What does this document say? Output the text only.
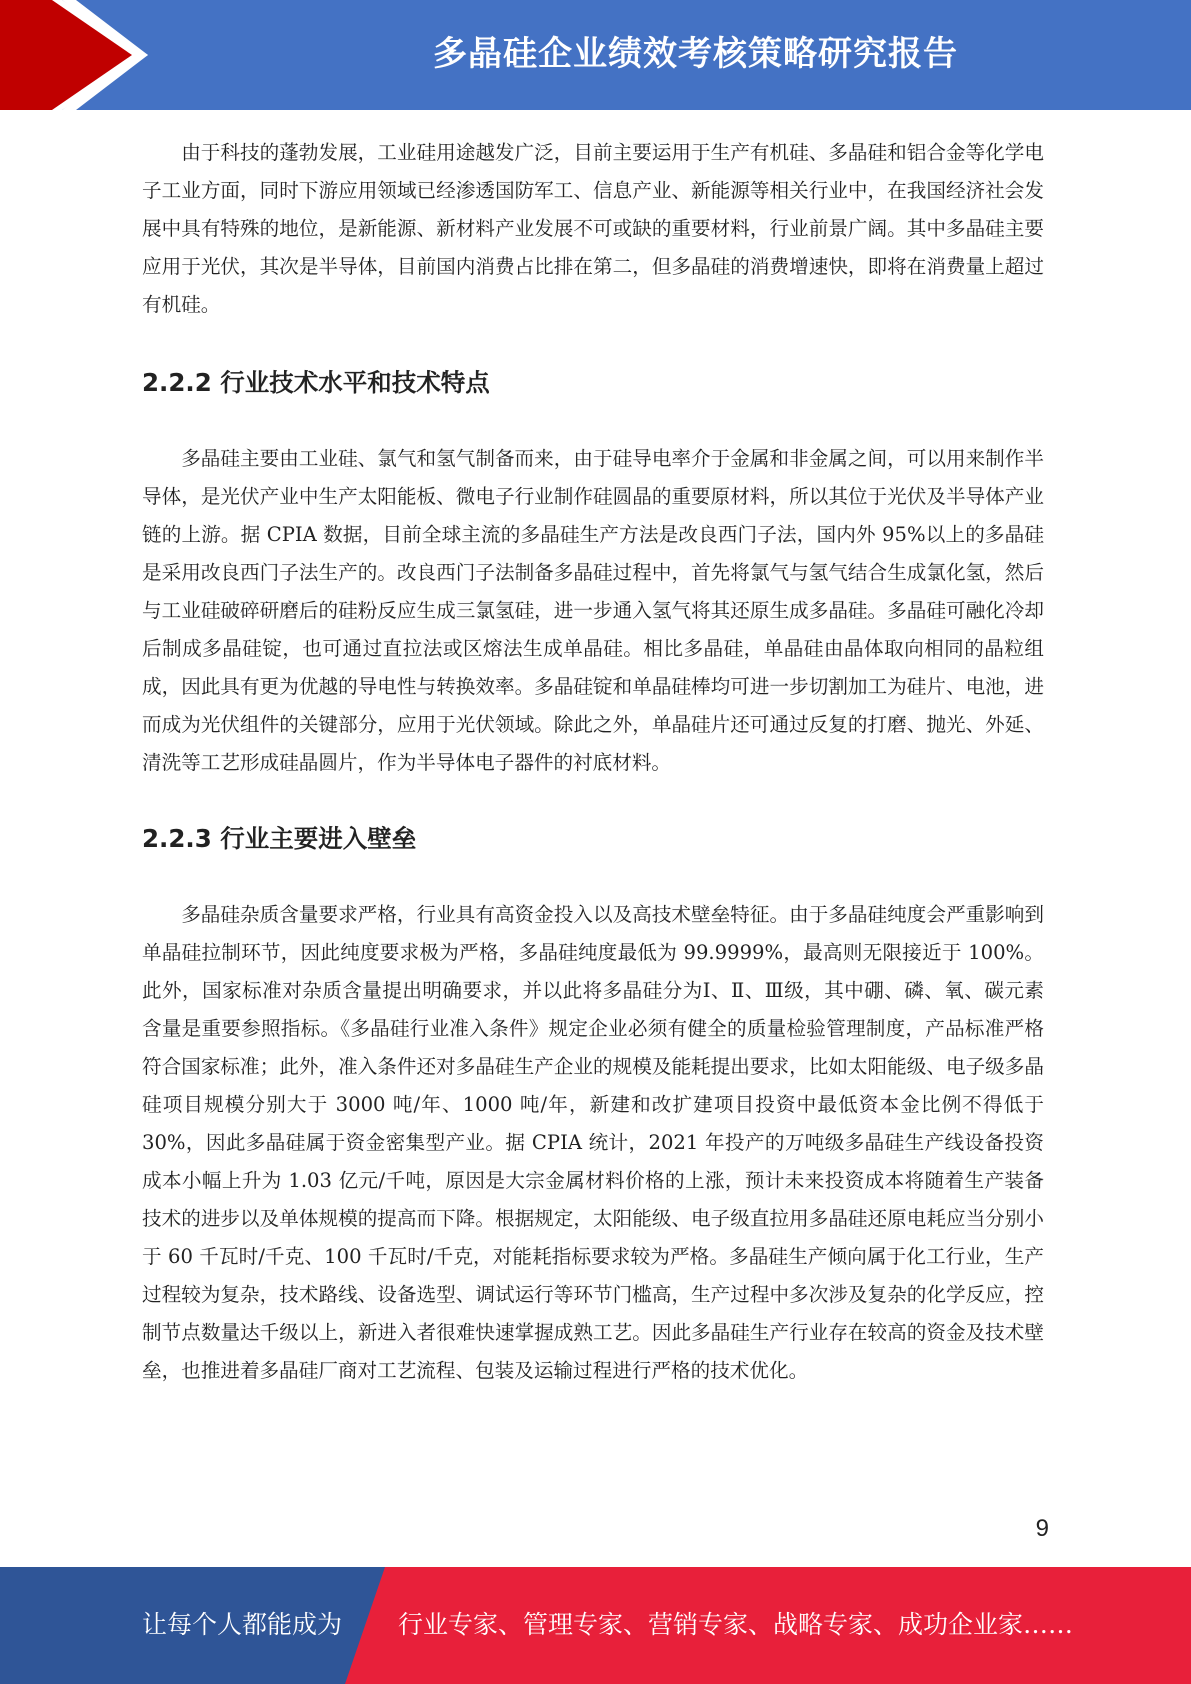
多晶硅企业绩效考核策略研究报告

由于科技的蓬勃发展，工业硅用途越发广泛，目前主要运用于生产有机硅、多晶硅和铝合金等化学电子工业方面，同时下游应用领域已经渗透国防军工、信息产业、新能源等相关行业中，在我国经济社会发展中具有特殊的地位，是新能源、新材料产业发展不可或缺的重要材料，行业前景广阔。其中多晶硅主要应用于光伏，其次是半导体，目前国内消费占比排在第二，但多晶硅的消费增速快，即将在消费量上超过有机硅。

2.2.2 行业技术水平和技术特点

多晶硅主要由工业硅、氯气和氢气制备而来，由于硅导电率介于金属和非金属之间，可以用来制作半导体，是光伏产业中生产太阳能板、微电子行业制作硅圆晶的重要原材料，所以其位于光伏及半导体产业链的上游。据 CPIA 数据，目前全球主流的多晶硅生产方法是改良西门子法，国内外 95%以上的多晶硅是采用改良西门子法生产的。改良西门子法制备多晶硅过程中，首先将氯气与氢气结合生成氯化氢，然后与工业硅破碎研磨后的硅粉反应生成三氯氢硅，进一步通入氢气将其还原生成多晶硅。多晶硅可融化冷却后制成多晶硅锭，也可通过直拉法或区熔法生成单晶硅。相比多晶硅，单晶硅由晶体取向相同的晶粒组成，因此具有更为优越的导电性与转换效率。多晶硅锭和单晶硅棒均可进一步切割加工为硅片、电池，进而成为光伏组件的关键部分，应用于光伏领域。除此之外，单晶硅片还可通过反复的打磨、抛光、外延、清洗等工艺形成硅晶圆片，作为半导体电子器件的衬底材料。

2.2.3 行业主要进入壁垒

多晶硅杂质含量要求严格，行业具有高资金投入以及高技术壁垒特征。由于多晶硅纯度会严重影响到单晶硅拉制环节，因此纯度要求极为严格，多晶硅纯度最低为 99.9999%，最高则无限接近于 100%。此外，国家标准对杂质含量提出明确要求，并以此将多晶硅分为Ⅰ、Ⅱ、Ⅲ级，其中硼、磷、氧、碳元素含量是重要参照指标。《多晶硅行业准入条件》规定企业必须有健全的质量检验管理制度，产品标准严格符合国家标准；此外，准入条件还对多晶硅生产企业的规模及能耗提出要求，比如太阳能级、电子级多晶硅项目规模分别大于 3000 吨/年、1000 吨/年，新建和改扩建项目投资中最低资本金比例不得低于 30%，因此多晶硅属于资金密集型产业。据 CPIA 统计，2021 年投产的万吨级多晶硅生产线设备投资成本小幅上升为 1.03 亿元/千吨，原因是大宗金属材料价格的上涨，预计未来投资成本将随着生产装备技术的进步以及单体规模的提高而下降。根据规定，太阳能级、电子级直拉用多晶硅还原电耗应当分别小于 60 千瓦时/千克、100 千瓦时/千克，对能耗指标要求较为严格。多晶硅生产倾向属于化工行业，生产过程较为复杂，技术路线、设备选型、调试运行等环节门槛高，生产过程中多次涉及复杂的化学反应，控制节点数量达千级以上，新进入者很难快速掌握成熟工艺。因此多晶硅生产行业存在较高的资金及技术壁垒，也推进着多晶硅厂商对工艺流程、包装及运输过程进行严格的技术优化。

9
让每个人都能成为 行业专家、管理专家、营销专家、战略专家、成功企业家……
